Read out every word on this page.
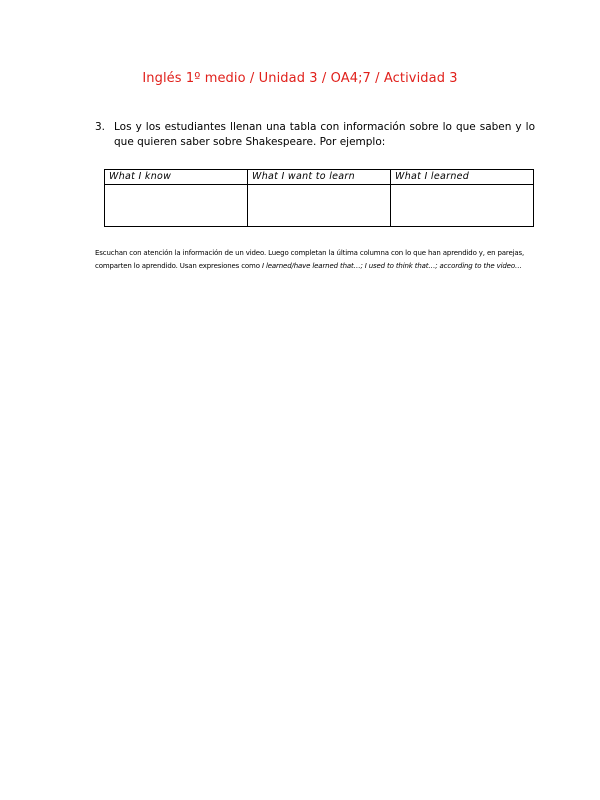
Inglés 1º medio / Unidad 3 / OA4;7 / Actividad 3
3. Los y los estudiantes llenan una tabla con información sobre lo que saben y lo que quieren saber sobre Shakespeare. Por ejemplo:
What I know	What I want to learn	What I learned

Escuchan con atención la información de un video. Luego completan la última columna con lo que han aprendido y, en parejas, comparten lo aprendido. Usan expresiones como I learned/have learned that…; I used to think that…; according to the video…
